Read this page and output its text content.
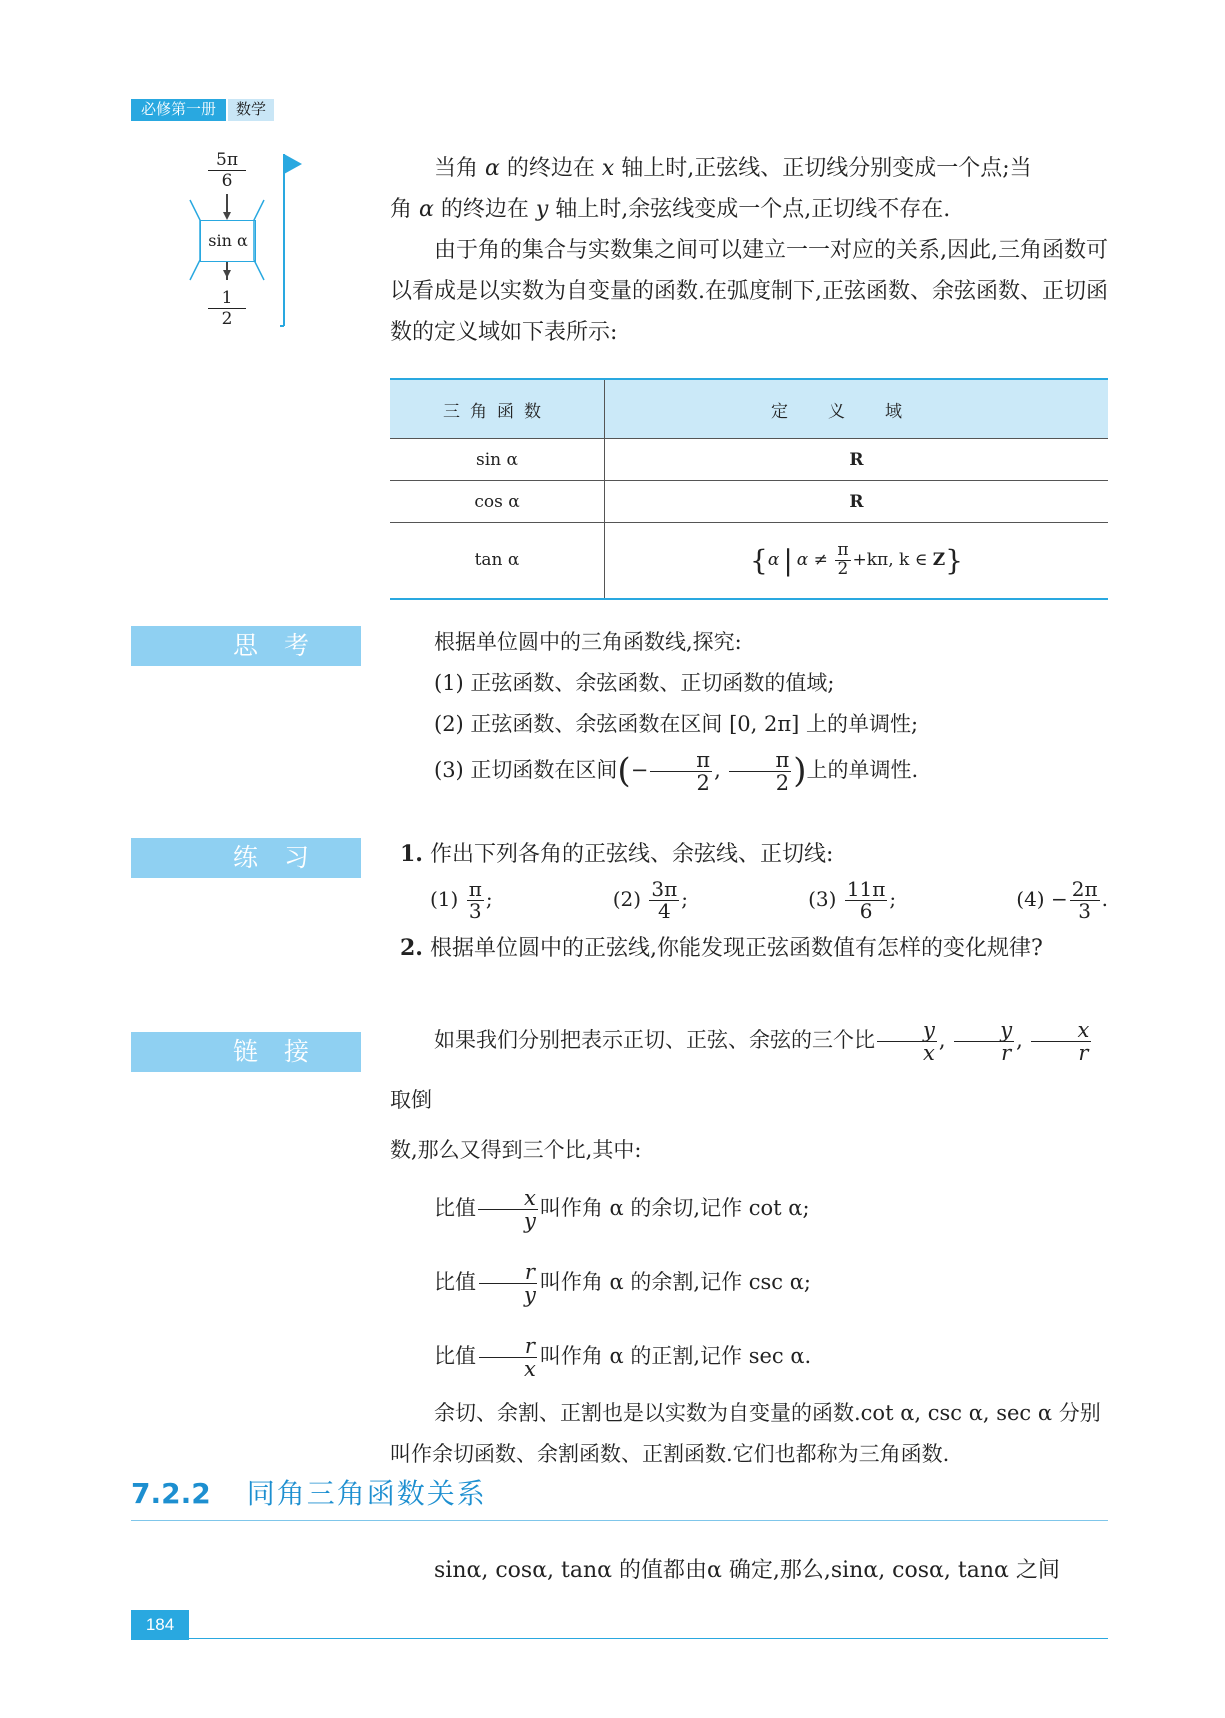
必修第一册	数学
$\frac{5\pi}{6}$
sin α
$\frac{1}{2}$
当角 α 的终边在 x 轴上时,正弦线、正切线分别变成一个点;当
角 α 的终边在 y 轴上时,余弦线变成一个点,正切线不存在.
由于角的集合与实数集之间可以建立一一对应的关系,因此,三角函数可以看成是以实数为自变量的函数.在弧度制下,正弦函数、余弦函数、正切函数的定义域如下表所示:
三角函数	定义域
sin α	R
cos α	R
tan α	{α | $\alpha \ne \frac{\pi}{2} +k\pi$, k ∈ Z}
思考	根据单位圆中的三角函数线,探究:
(1) 正弦函数、余弦函数、正切函数的值域;
(2) 正弦函数、余弦函数在区间 [0, 2π] 上的单调性;
(3) 正切函数在区间(− $\frac{\pi}{2}$ , $\frac{\pi}{2}$ )上的单调性.
练习	1. 作出下列各角的正弦线、余弦线、正切线:
$(1) \frac{\pi}{3}$ ;	$(2) \frac{3\pi}{4}$ ;	$(3) \frac{11\pi}{6}$ ;	$(4) - \frac{2\pi}{3}$ .
2. 根据单位圆中的正弦线,你能发现正弦函数值有怎样的变化规律?
链接	如果我们分别把表示正切、正弦、余弦的三个比 $\frac{y}{x}$ , $\frac{y}{r}$ , $\frac{x}{r}$
取倒
数,那么又得到三个比,其中:
比值 $\frac{x}{y}$ 叫作角 α 的余切,记作 cot α;
比值 $\frac{r}{y}$ 叫作角 α 的余割,记作 csc α;
比值 $\frac{r}{x}$ 叫作角 α 的正割,记作 sec α.
余切、余割、正割也是以实数为自变量的函数.cot α, csc α, sec α 分别叫作余切函数、余割函数、正割函数.它们也都称为三角函数.
7.2.2 同角三角函数关系
sinα, cosα, tanα 的值都由α 确定,那么,sinα, cosα, tanα 之间
184
